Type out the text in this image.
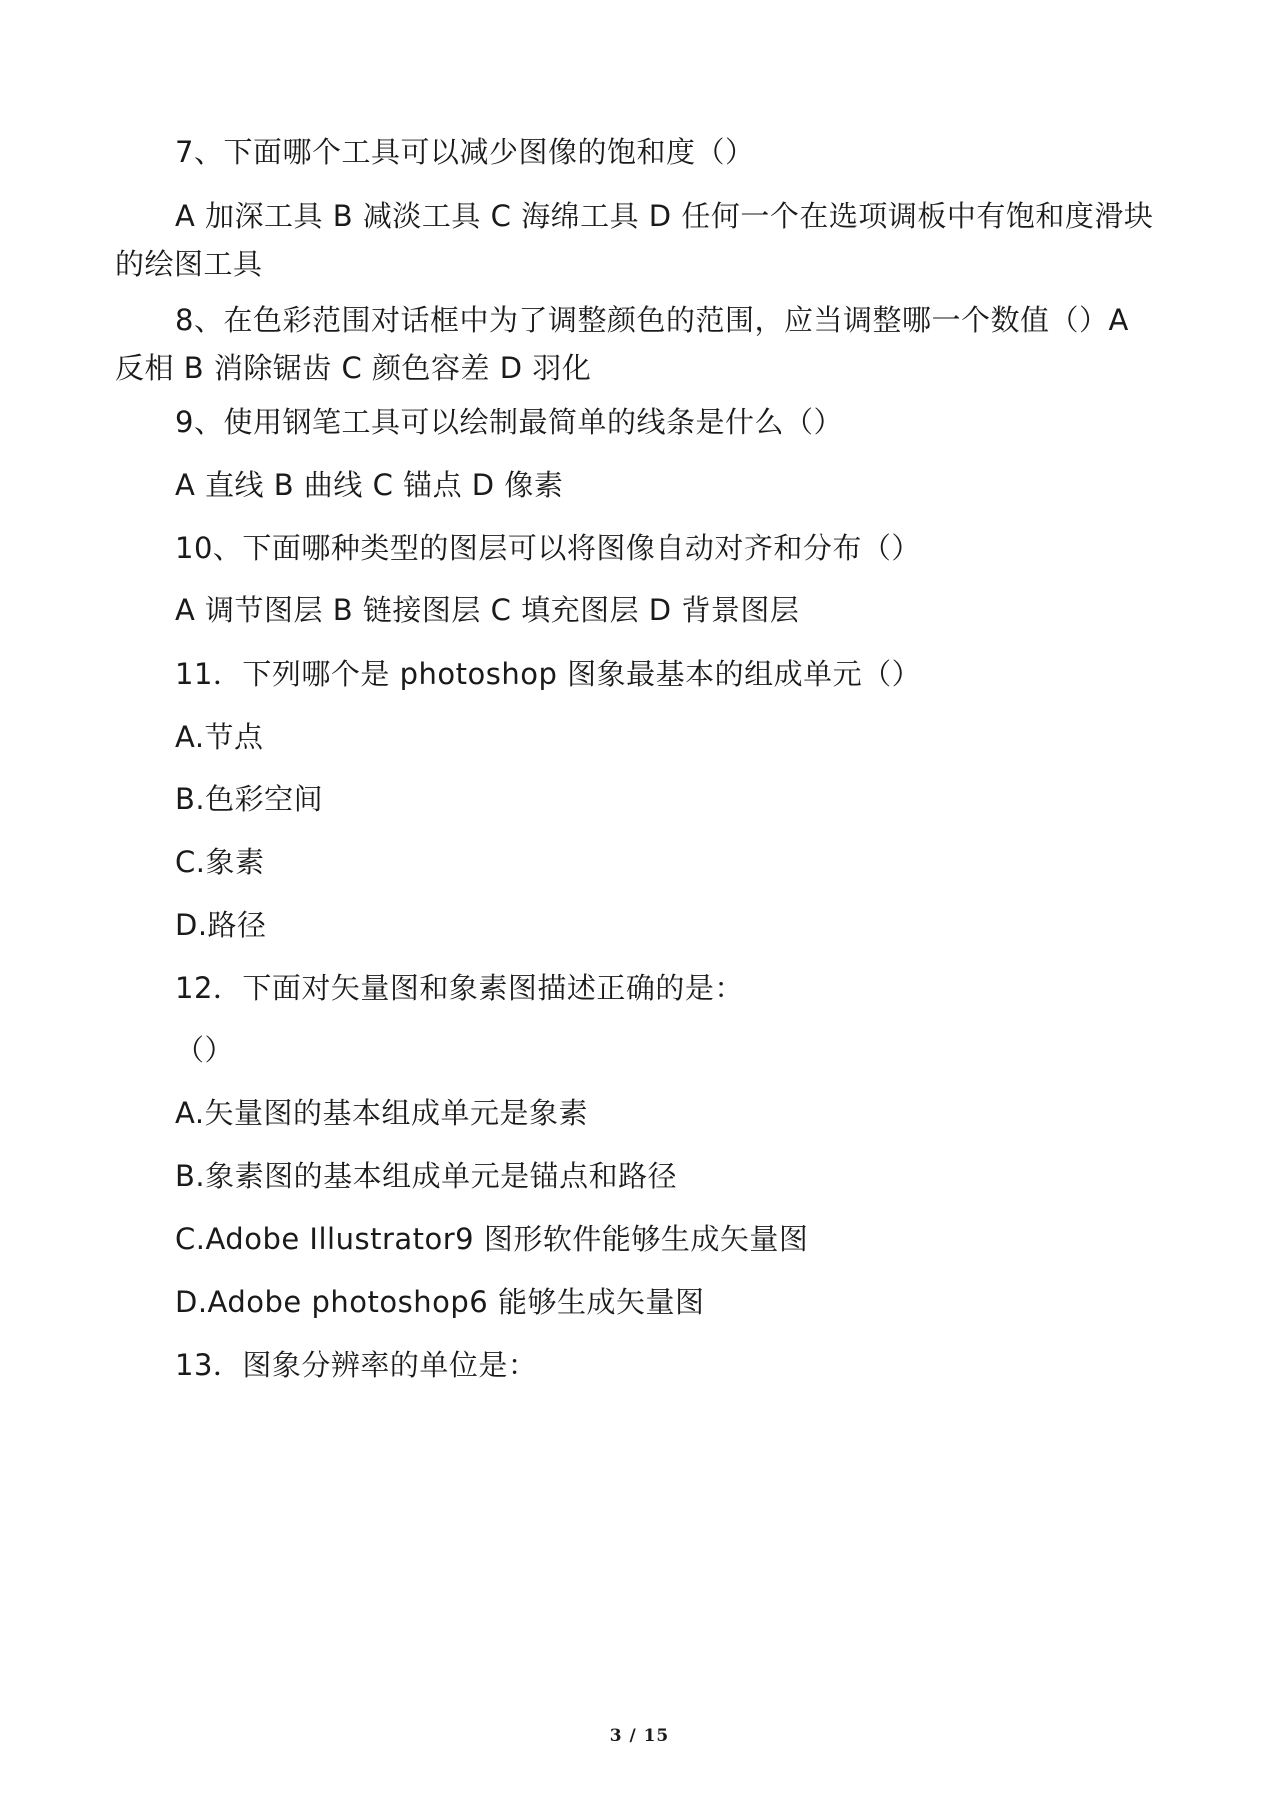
7、下面哪个工具可以减少图像的饱和度（）
A 加深工具 B 减淡工具 C 海绵工具 D 任何一个在选项调板中有饱和度滑块的绘图工具
8、在色彩范围对话框中为了调整颜色的范围，应当调整哪一个数值（）A 反相 B 消除锯齿 C 颜色容差 D 羽化
9、使用钢笔工具可以绘制最简单的线条是什么（）
A 直线 B 曲线 C 锚点 D 像素
10、下面哪种类型的图层可以将图像自动对齐和分布（）
A 调节图层 B 链接图层 C 填充图层 D 背景图层
11．下列哪个是 photoshop 图象最基本的组成单元（）
A.节点
B.色彩空间
C.象素
D.路径
12．下面对矢量图和象素图描述正确的是：
（）
A.矢量图的基本组成单元是象素
B.象素图的基本组成单元是锚点和路径
C.Adobe Illustrator9 图形软件能够生成矢量图
D.Adobe photoshop6 能够生成矢量图
13．图象分辨率的单位是：
3 / 15
